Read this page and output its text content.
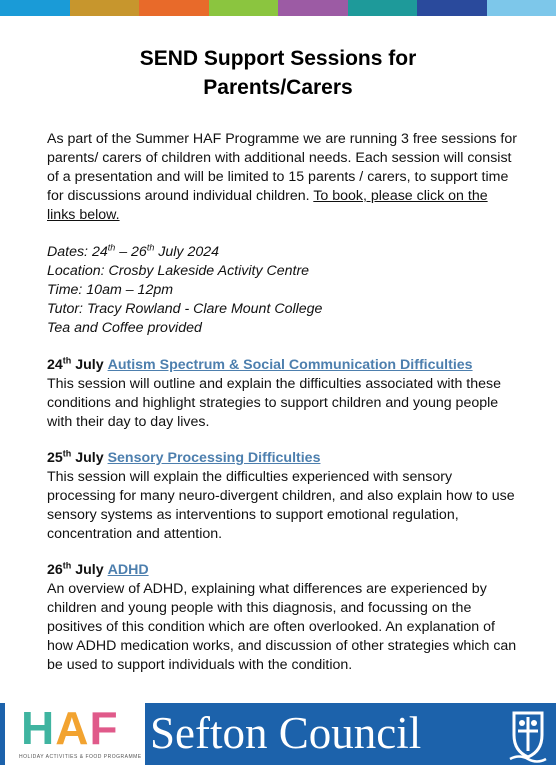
SEND Support Sessions for
Parents/Carers
As part of the Summer HAF Programme we are running 3 free sessions for parents/ carers of children with additional needs. Each session will consist of a presentation and will be limited to 15 parents / carers, to support time for discussions around individual children. To book, please click on the links below.
Dates: 24th – 26th July 2024
Location: Crosby Lakeside Activity Centre
Time: 10am – 12pm
Tutor: Tracy Rowland - Clare Mount College
Tea and Coffee provided
24th July Autism Spectrum & Social Communication Difficulties
This session will outline and explain the difficulties associated with these conditions and highlight strategies to support children and young people with their day to day lives.
25th July Sensory Processing Difficulties
This session will explain the difficulties experienced with sensory processing for many neuro-divergent children, and also explain how to use sensory systems as interventions to support emotional regulation, concentration and attention.
26th July ADHD
An overview of ADHD, explaining what differences are experienced by children and young people with this diagnosis, and focussing on the positives of this condition which are often overlooked. An explanation of how ADHD medication works, and discussion of other strategies which can be used to support individuals with the condition.
HAF
HOLIDAY ACTIVITIES & FOOD PROGRAMME Sefton Council
